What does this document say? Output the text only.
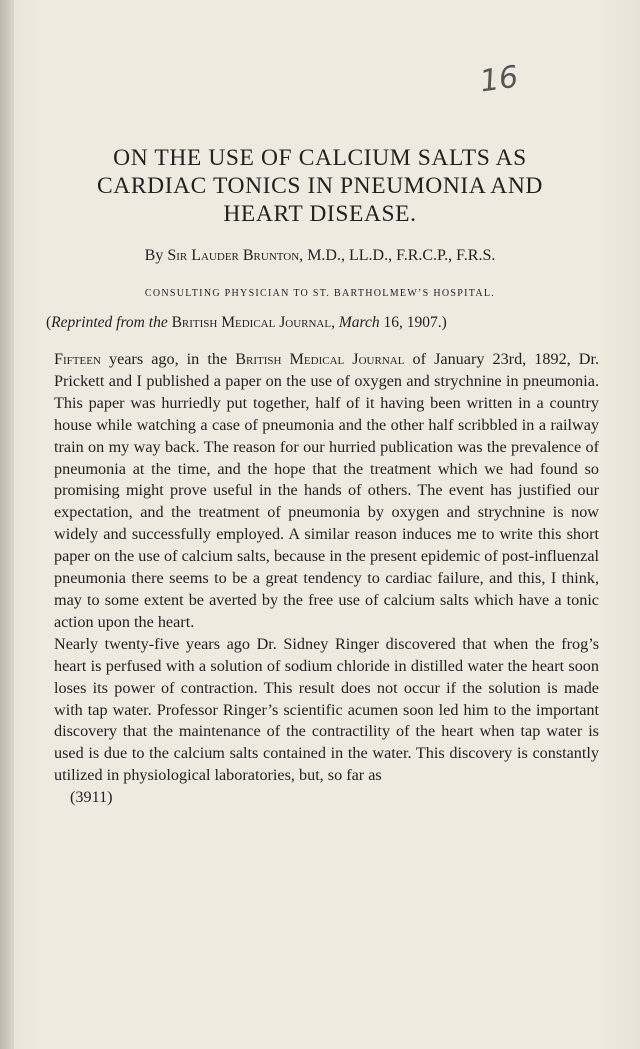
16
ON THE USE OF CALCIUM SALTS AS
CARDIAC TONICS IN PNEUMONIA AND
HEART DISEASE.
By Sir Lauder Brunton, M.D., LL.D., F.R.C.P., F.R.S.
CONSULTING PHYSICIAN TO ST. BARTHOLMEW’S HOSPITAL.
(Reprinted from the British Medical Journal, March 16, 1907.)

Fifteen years ago, in the British Medical Journal of January 23rd, 1892, Dr. Prickett and I published a paper on the use of oxygen and strychnine in pneumonia. This paper was hurriedly put together, half of it having been written in a country house while watching a case of pneumonia and the other half scribbled in a railway train on my way back. The reason for our hurried publication was the prevalence of pneumonia at the time, and the hope that the treatment which we had found so promising might prove useful in the hands of others. The event has justified our expectation, and the treatment of pneumonia by oxygen and strychnine is now widely and successfully employed. A similar reason induces me to write this short paper on the use of calcium salts, because in the present epidemic of post-influenzal pneumonia there seems to be a great tendency to cardiac failure, and this, I think, may to some extent be averted by the free use of calcium salts which have a tonic action upon the heart.

Nearly twenty-five years ago Dr. Sidney Ringer discovered that when the frog’s heart is perfused with a solution of sodium chloride in distilled water the heart soon loses its power of contraction. This result does not occur if the solution is made with tap water. Professor Ringer’s scientific acumen soon led him to the important discovery that the maintenance of the contractility of the heart when tap water is used is due to the calcium salts contained in the water. This discovery is constantly utilized in physiological laboratories, but, so far as

(3911)
